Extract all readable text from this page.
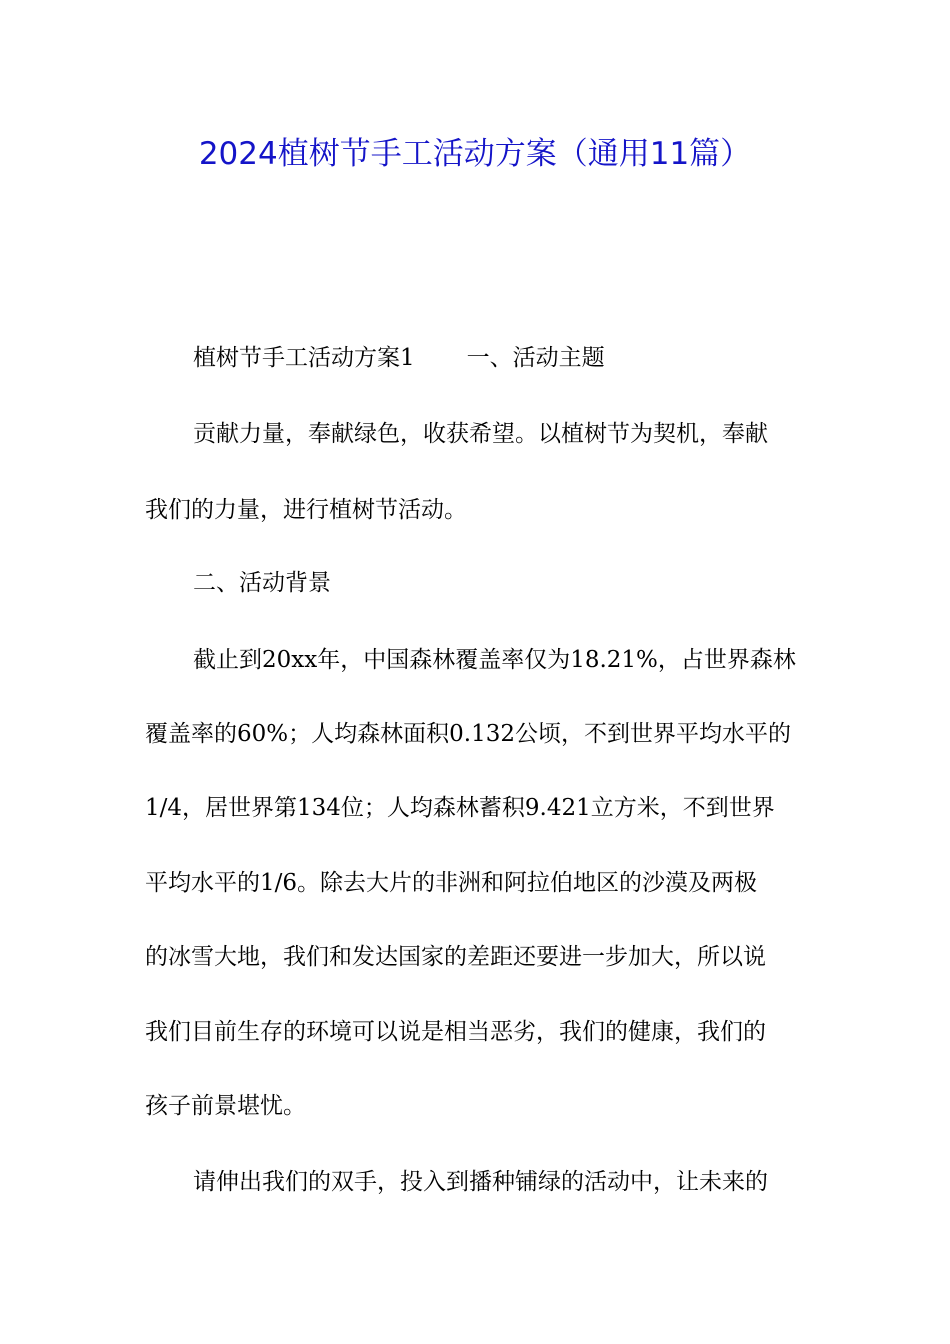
2024植树节手工活动方案（通用11篇）
植树节手工活动方案1 一、活动主题
贡献力量，奉献绿色，收获希望。以植树节为契机，奉献
我们的力量，进行植树节活动。
二、活动背景
截止到20xx年，中国森林覆盖率仅为18.21%，占世界森林
覆盖率的60%；人均森林面积0.132公顷，不到世界平均水平的
1/4，居世界第134位；人均森林蓄积9.421立方米，不到世界
平均水平的1/6。除去大片的非洲和阿拉伯地区的沙漠及两极
的冰雪大地，我们和发达国家的差距还要进一步加大，所以说
我们目前生存的环境可以说是相当恶劣，我们的健康，我们的
孩子前景堪忧。
请伸出我们的双手，投入到播种铺绿的活动中，让未来的
